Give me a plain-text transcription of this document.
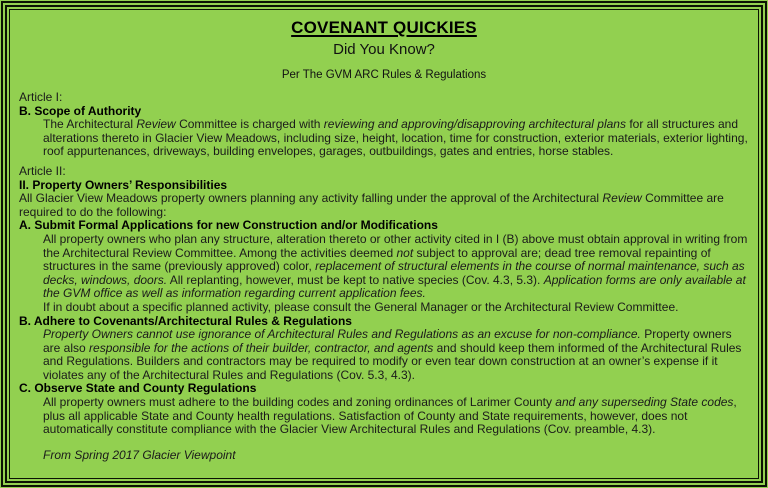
COVENANT QUICKIES
Did You Know?
Per The GVM ARC Rules & Regulations
Article I:
B. Scope of Authority
The Architectural Review Committee is charged with reviewing and approving/disapproving architectural plans for all structures and alterations thereto in Glacier View Meadows, including size, height, location, time for construction, exterior materials, exterior lighting, roof appurtenances, driveways, building envelopes, garages, outbuildings, gates and entries, horse stables.
Article II:
II. Property Owners’ Responsibilities
All Glacier View Meadows property owners planning any activity falling under the approval of the Architectural Review Committee are required to do the following:
A. Submit Formal Applications for new Construction and/or Modifications
All property owners who plan any structure, alteration thereto or other activity cited in I (B) above must obtain approval in writing from the Architectural Review Committee. Among the activities deemed not subject to approval are; dead tree removal repainting of structures in the same (previously approved) color, replacement of structural elements in the course of normal maintenance, such as decks, windows, doors. All replanting, however, must be kept to native species (Cov. 4.3, 5.3). Application forms are only available at the GVM office as well as information regarding current application fees.
If in doubt about a specific planned activity, please consult the General Manager or the Architectural Review Committee.
B. Adhere to Covenants/Architectural Rules & Regulations
Property Owners cannot use ignorance of Architectural Rules and Regulations as an excuse for non-compliance. Property owners are also responsible for the actions of their builder, contractor, and agents and should keep them informed of the Architectural Rules and Regulations. Builders and contractors may be required to modify or even tear down construction at an owner’s expense if it violates any of the Architectural Rules and Regulations (Cov. 5.3, 4.3).
C. Observe State and County Regulations
All property owners must adhere to the building codes and zoning ordinances of Larimer County and any superseding State codes, plus all applicable State and County health regulations. Satisfaction of County and State requirements, however, does not automatically constitute compliance with the Glacier View Architectural Rules and Regulations (Cov. preamble, 4.3).
From Spring 2017 Glacier Viewpoint
